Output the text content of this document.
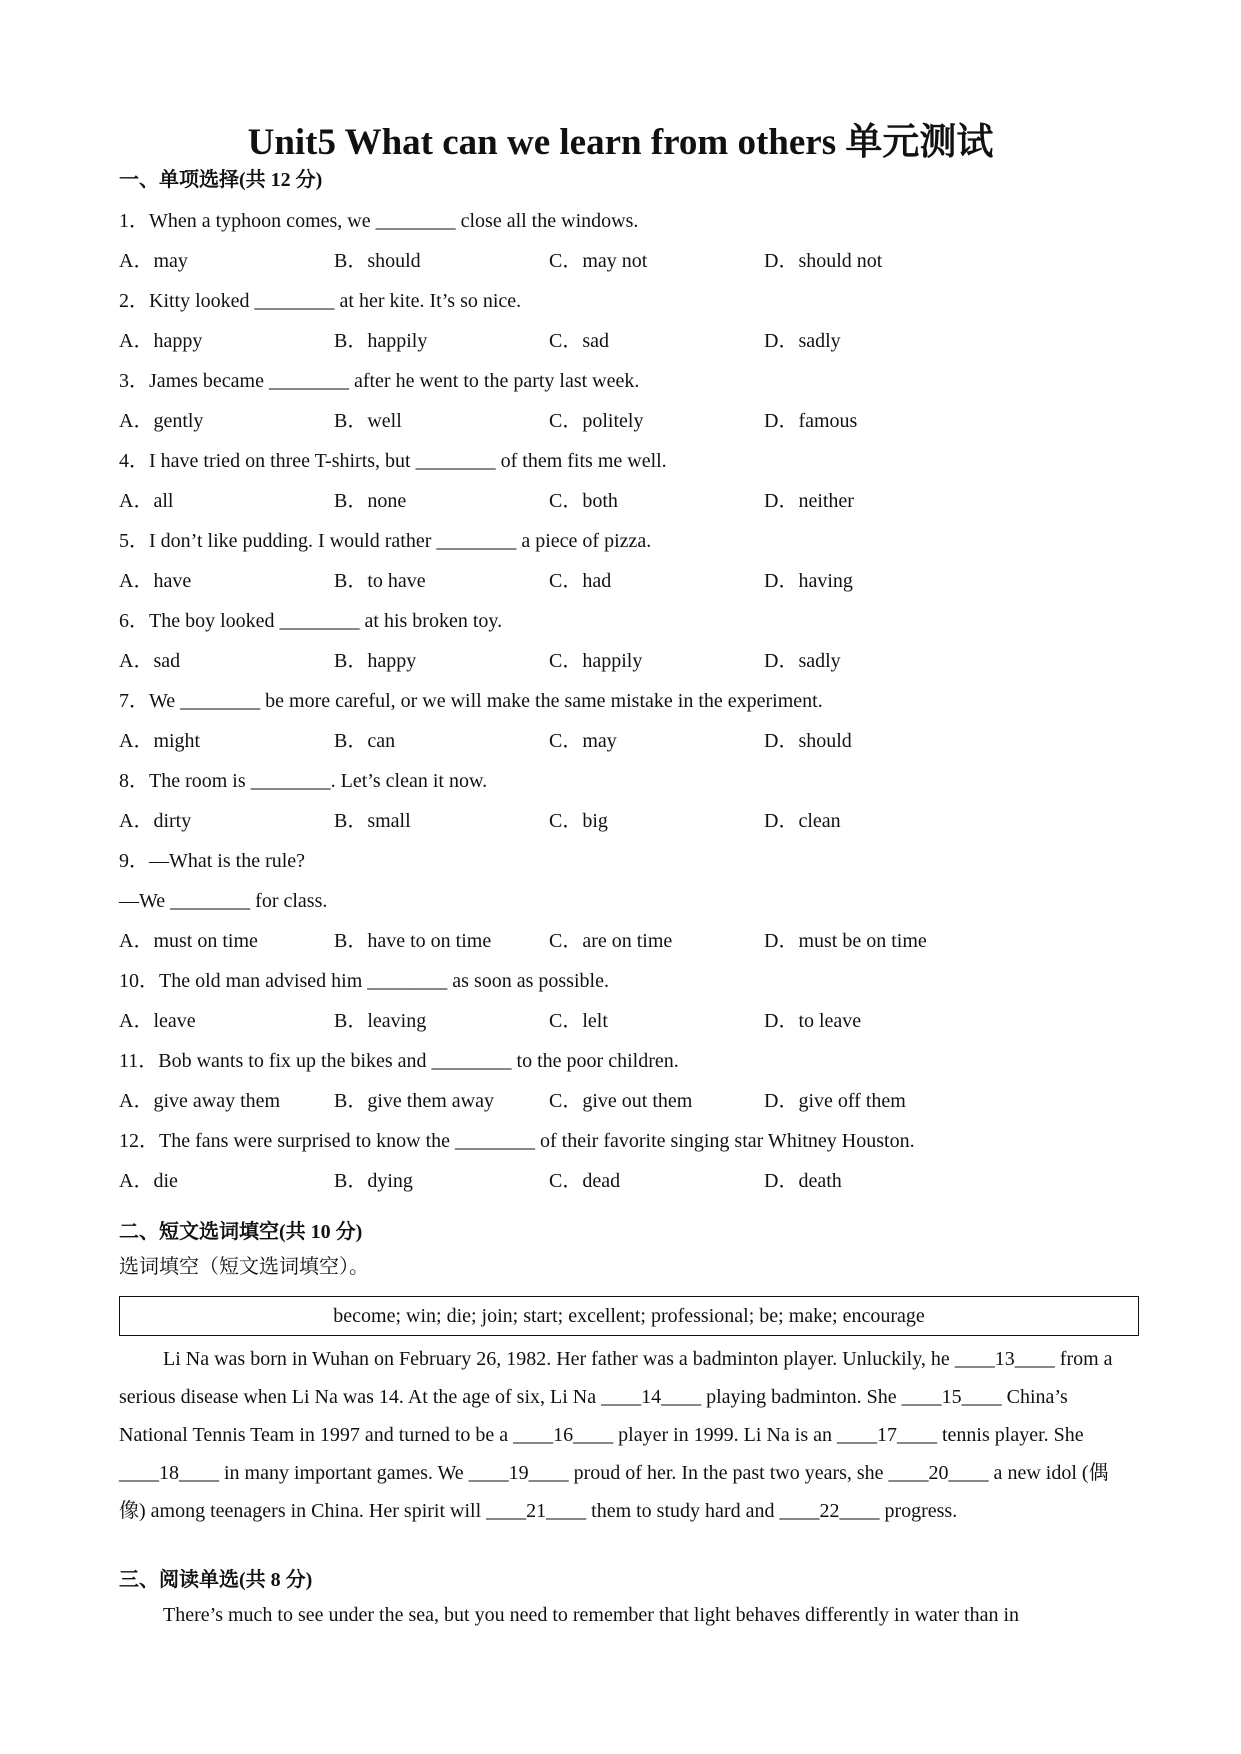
Unit5 What can we learn from others 单元测试
一、单项选择(共 12 分)
1．When a typhoon comes, we ________ close all the windows.
A．may	B．should	C．may not	D．should not
2．Kitty looked ________ at her kite. It’s so nice.
A．happy	B．happily	C．sad	D．sadly
3．James became ________ after he went to the party last week.
A．gently	B．well	C．politely	D．famous
4．I have tried on three T-shirts, but ________ of them fits me well.
A．all	B．none	C．both	D．neither
5．I don’t like pudding. I would rather ________ a piece of pizza.
A．have	B．to have	C．had	D．having
6．The boy looked ________ at his broken toy.
A．sad	B．happy	C．happily	D．sadly
7．We ________ be more careful, or we will make the same mistake in the experiment.
A．might	B．can	C．may	D．should
8．The room is ________. Let’s clean it now.
A．dirty	B．small	C．big	D．clean
9．—What is the rule?
—We ________ for class.
A．must on time	B．have to on time	C．are on time	D．must be on time
10．The old man advised him ________ as soon as possible.
A．leave	B．leaving	C．lelt	D．to leave
11．Bob wants to fix up the bikes and ________ to the poor children.
A．give away them	B．give them away	C．give out them	D．give off them
12．The fans were surprised to know the ________ of their favorite singing star Whitney Houston.
A．die	B．dying	C．dead	D．death
二、短文选词填空(共 10 分)
选词填空（短文选词填空）。
become; win; die; join; start; excellent; professional; be; make; encourage

Li Na was born in Wuhan on February 26, 1982. Her father was a badminton player. Unluckily, he ____13____ from a serious disease when Li Na was 14. At the age of six, Li Na ____14____ playing badminton. She ____15____ China’s National Tennis Team in 1997 and turned to be a ____16____ player in 1999. Li Na is an ____17____ tennis player. She ____18____ in many important games. We ____19____ proud of her. In the past two years, she ____20____ a new idol (偶像) among teenagers in China. Her spirit will ____21____ them to study hard and ____22____ progress.

三、阅读单选(共 8 分)

There’s much to see under the sea, but you need to remember that light behaves differently in water than in
